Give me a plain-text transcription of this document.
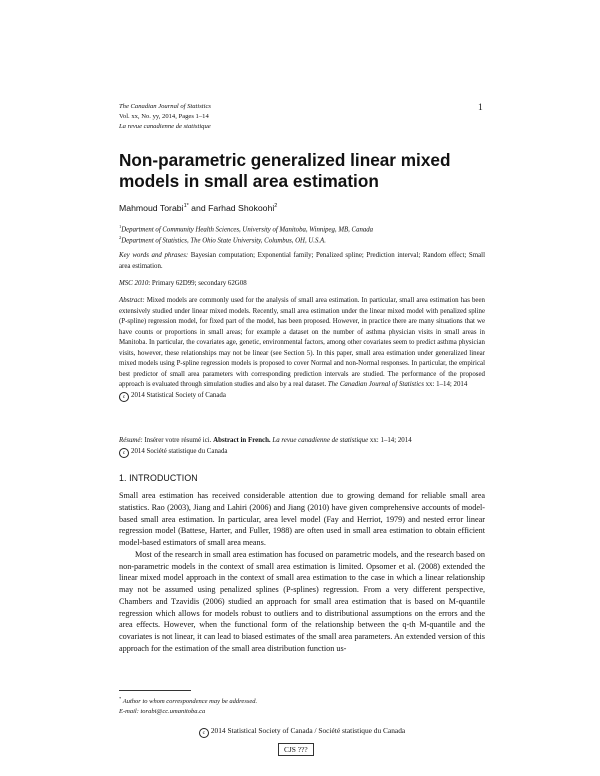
The Canadian Journal of Statistics
Vol. xx, No. yy, 2014, Pages 1–14
La revue canadienne de statistique
1
Non-parametric generalized linear mixed models in small area estimation
Mahmoud Torabi$^{1*}$ and Farhad Shokoohi$^2$
$^1$Department of Community Health Sciences, University of Manitoba, Winnipeg, MB, Canada
$^2$Department of Statistics, The Ohio State University, Columbus, OH, U.S.A.
Key words and phrases: Bayesian computation; Exponential family; Penalized spline; Prediction interval; Random effect; Small area estimation.
MSC 2010: Primary 62D99; secondary 62G08
Abstract: Mixed models are commonly used for the analysis of small area estimation. In particular, small area estimation has been extensively studied under linear mixed models. Recently, small area estimation under the linear mixed model with penalized spline (P-spline) regression model, for fixed part of the model, has been proposed. However, in practice there are many situations that we have counts or proportions in small areas; for example a dataset on the number of asthma physician visits in small areas in Manitoba. In particular, the covariates age, genetic, environmental factors, among other covariates seem to predict asthma physician visits, however, these relationships may not be linear (see Section 5). In this paper, small area estimation under generalized linear mixed models using P-spline regression models is proposed to cover Normal and non-Normal responses. In particular, the empirical best predictor of small area parameters with corresponding prediction intervals are studied. The performance of the proposed approach is evaluated through simulation studies and also by a real dataset. The Canadian Journal of Statistics xx: 1–14; 2014
c 2014 Statistical Society of Canada
Résumé: Insérer votre résumé ici. Abstract in French. La revue canadienne de statistique xx: 1–14; 2014
c 2014 Société statistique du Canada
1. INTRODUCTION

Small area estimation has received considerable attention due to growing demand for reliable small area statistics. Rao (2003), Jiang and Lahiri (2006) and Jiang (2010) have given comprehensive accounts of model-based small area estimation. In particular, area level model (Fay and Herriot, 1979) and nested error linear regression model (Battese, Harter, and Fuller, 1988) are often used in small area estimation to obtain efficient model-based estimators of small area means.

Most of the research in small area estimation has focused on parametric models, and the research based on non-parametric models in the context of small area estimation is limited. Opsomer et al. (2008) extended the linear mixed model approach in the context of small area estimation to the case in which a linear relationship may not be assumed using penalized splines (P-splines) regression. From a very different perspective, Chambers and Tzavidis (2006) studied an approach for small area estimation that is based on M-quantile regression which allows for models robust to outliers and to distributional assumptions on the errors and the area effects. However, when the functional form of the relationship between the q-th M-quantile and the covariates is not linear, it can lead to biased estimates of the small area parameters. An extended version of this approach for the estimation of the small area distribution function us-

* Author to whom correspondence may be addressed.
E-mail: torabi@cc.umanitoba.ca
c 2014 Statistical Society of Canada / Société statistique du Canada
CJS ???
